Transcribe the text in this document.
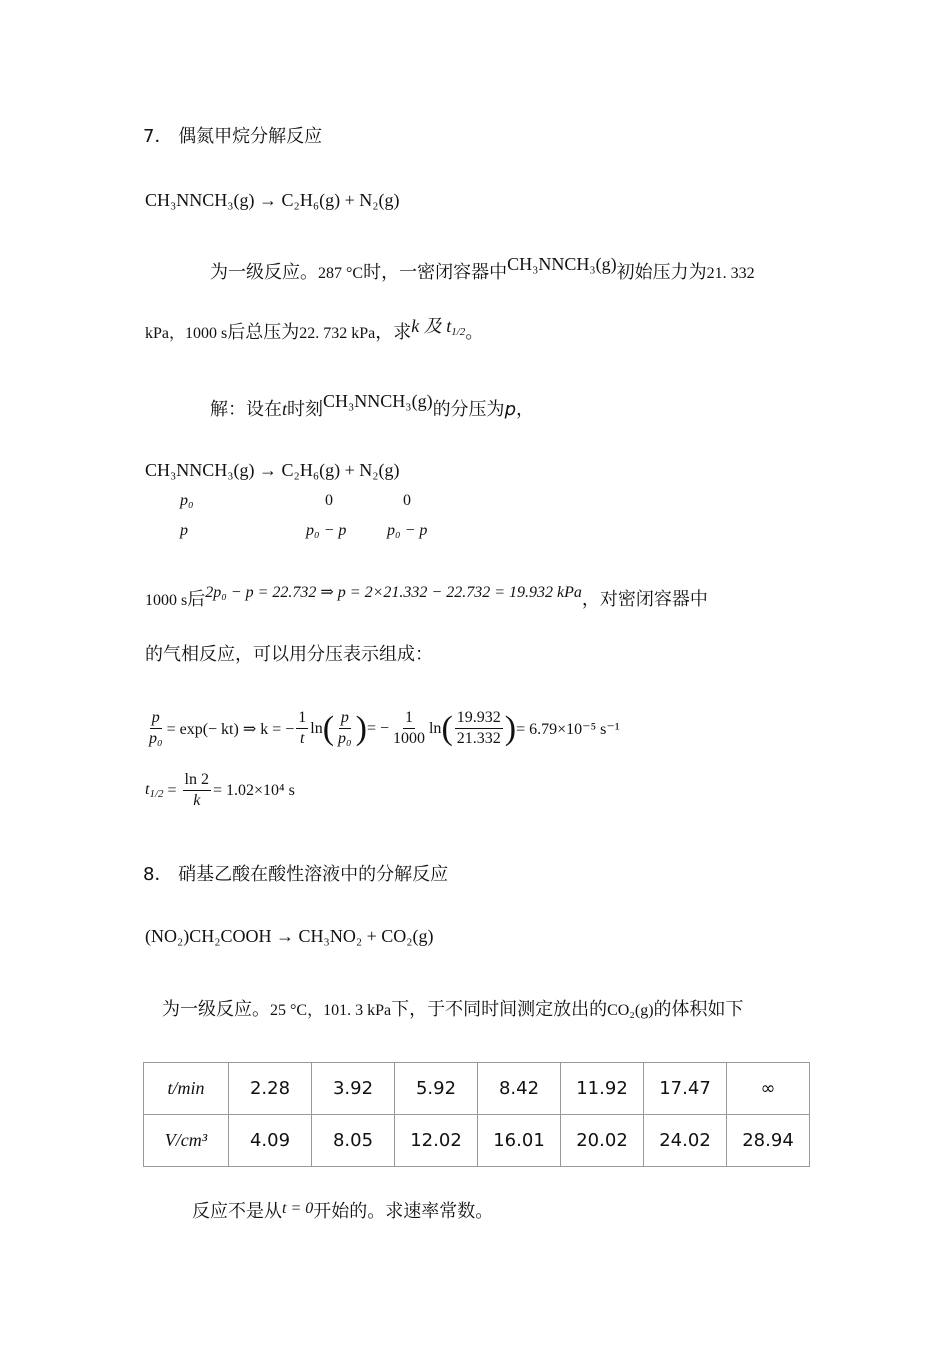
7． 偶氮甲烷分解反应
CH₃NNCH₃(g) → C₂H₆(g) + N₂(g)
为一级反应。287 °C时，一密闭容器中CH₃NNCH₃(g)初始压力为21. 332
kPa，1000 s后总压为22. 732 kPa，求k 及 $t_{1/2}$。
解：设在t时刻CH₃NNCH₃(g)的分压为p，
CH₃NNCH₃(g) → C₂H₆(g) + N₂(g)
p₀	0	0
p	p₀ − p	p₀ − p
1000 s后2p₀ − p = 22.732 ⇒ p = 2×21.332 − 22.732 = 19.932 kPa，对密闭容器中
的气相反应，可以用分压表示组成：
$\frac{p}{\text{p₀}} = \exp(- kt)$ ⇒ k = − $\frac{1}{t}$ ln ( $\frac{p}{\text{p₀}}$ ) = − $\frac{1}{1000}$ ln ( $\frac{19.932}{21.332}$ ) = 6.79×10⁻⁵ s⁻¹
$t_{1/2} = \frac{\ln 2}{k} = 1.02\times 10^4$ s
8． 硝基乙酸在酸性溶液中的分解反应
(NO₂)CH₂COOH → CH₃NO₂ + CO₂(g)
为一级反应。25 °C，101. 3 kPa下，于不同时间测定放出的CO₂(g)的体积如下
t/min	2.28	3.92	5.92	8.42	11.92	17.47	∞
V/cm³	4.09	8.05	12.02	16.01	20.02	24.02	28.94
反应不是从t = 0开始的。求速率常数。
